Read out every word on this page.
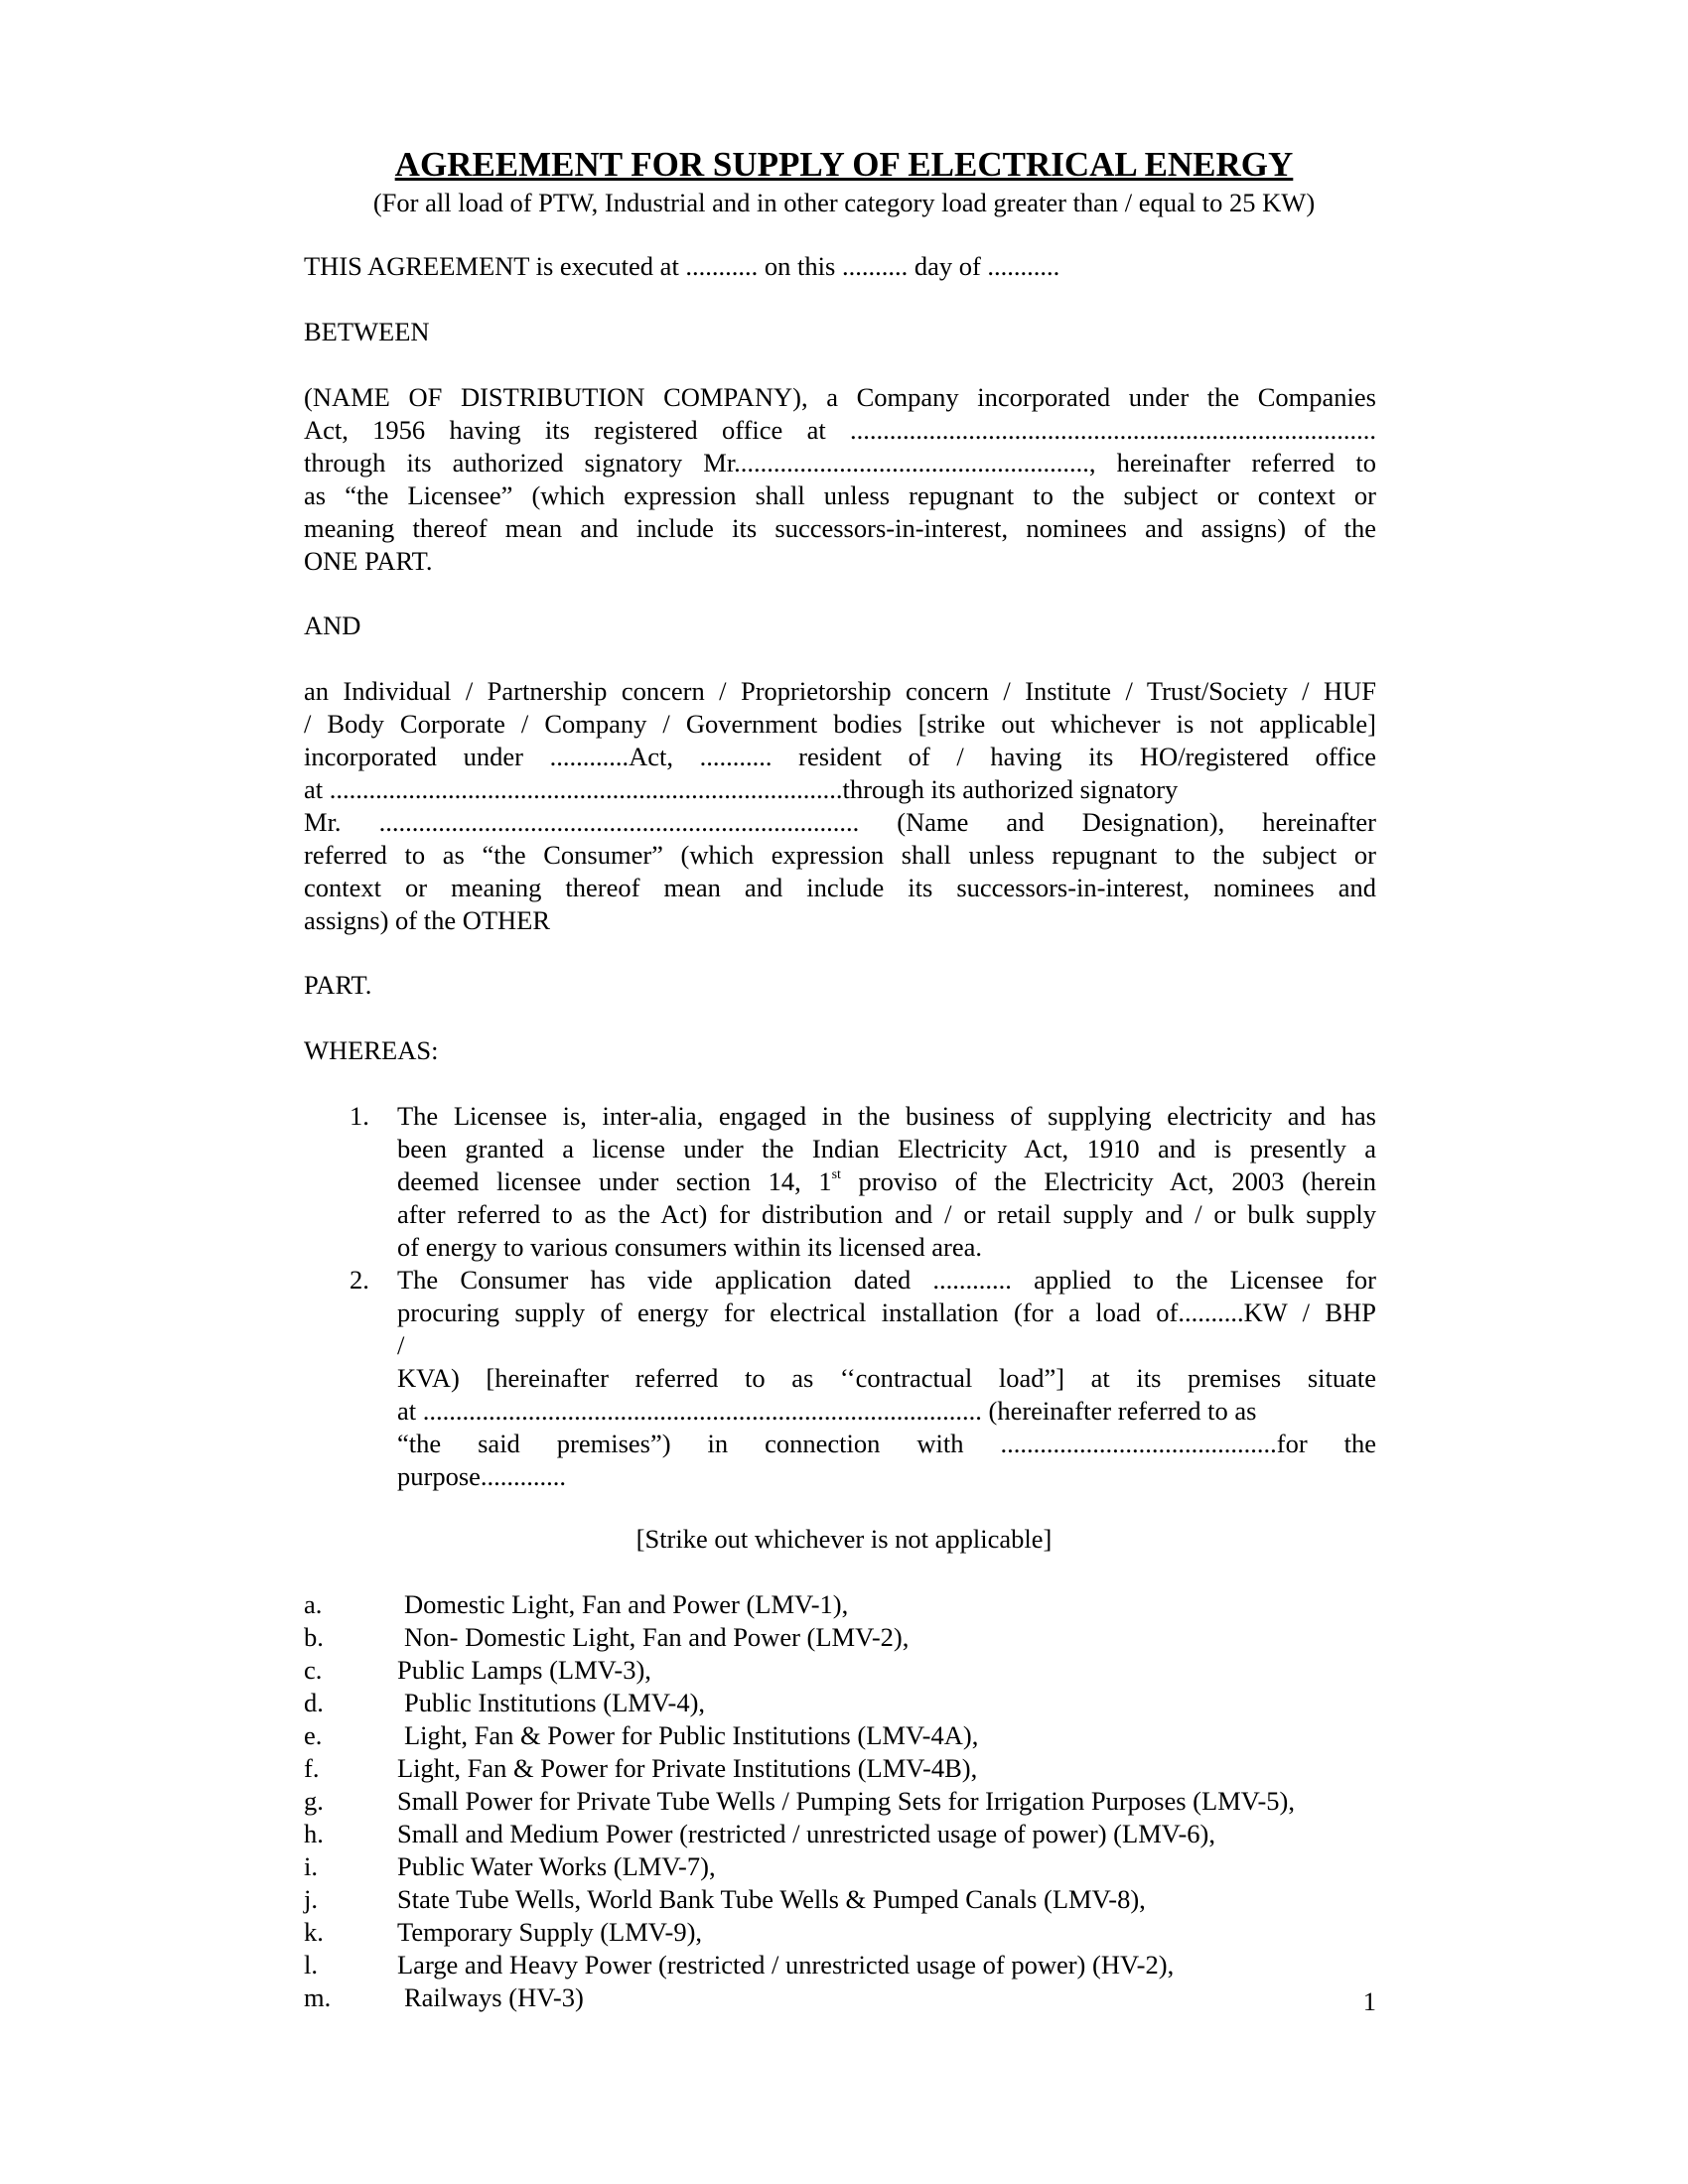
AGREEMENT FOR SUPPLY OF ELECTRICAL ENERGY
(For all load of PTW, Industrial and in other category load greater than / equal to 25 KW)
THIS AGREEMENT is executed at ........... on this .......... day of ...........
BETWEEN
(NAME OF DISTRIBUTION COMPANY), a Company incorporated under the Companies
Act, 1956 having its registered office at ................................................................................
through its authorized signatory Mr......................................................, hereinafter referred to
as “the Licensee” (which expression shall unless repugnant to the subject or context or
meaning thereof mean and include its successors-in-interest, nominees and assigns) of the
ONE PART.
AND
an Individual / Partnership concern / Proprietorship concern / Institute / Trust/Society / HUF
/ Body Corporate / Company / Government bodies [strike out whichever is not applicable]
incorporated under ............Act, ........... resident of / having its HO/registered office
at ..............................................................................through its authorized signatory
Mr. ......................................................................... (Name and Designation), hereinafter
referred to as “the Consumer” (which expression shall unless repugnant to the subject or
context or meaning thereof mean and include its successors-in-interest, nominees and
assigns) of the OTHER
PART.
WHEREAS:
1. The Licensee is, inter-alia, engaged in the business of supplying electricity and has
been granted a license under the Indian Electricity Act, 1910 and is presently a
deemed licensee under section 14, 1st proviso of the Electricity Act, 2003 (herein
after referred to as the Act) for distribution and / or retail supply and / or bulk supply
of energy to various consumers within its licensed area.
2. The Consumer has vide application dated ............ applied to the Licensee for
procuring supply of energy for electrical installation (for a load of..........KW / BHP
/
KVA) [hereinafter referred to as ‘‘contractual load”] at its premises situate
at ..................................................................................... (hereinafter referred to as
“the said premises”) in connection with ..........................................for the
purpose.............
[Strike out whichever is not applicable]
a.	Domestic Light, Fan and Power (LMV-1),
b.	Non- Domestic Light, Fan and Power (LMV-2),
c.	Public Lamps (LMV-3),
d.	Public Institutions (LMV-4),
e.	Light, Fan & Power for Public Institutions (LMV-4A),
f.	Light, Fan & Power for Private Institutions (LMV-4B),
g.	Small Power for Private Tube Wells / Pumping Sets for Irrigation Purposes (LMV-5),
h.	Small and Medium Power (restricted / unrestricted usage of power) (LMV-6),
i.	Public Water Works (LMV-7),
j.	State Tube Wells, World Bank Tube Wells & Pumped Canals (LMV-8),
k.	Temporary Supply (LMV-9),
l.	Large and Heavy Power (restricted / unrestricted usage of power) (HV-2),
m.	Railways (HV-3)	1
